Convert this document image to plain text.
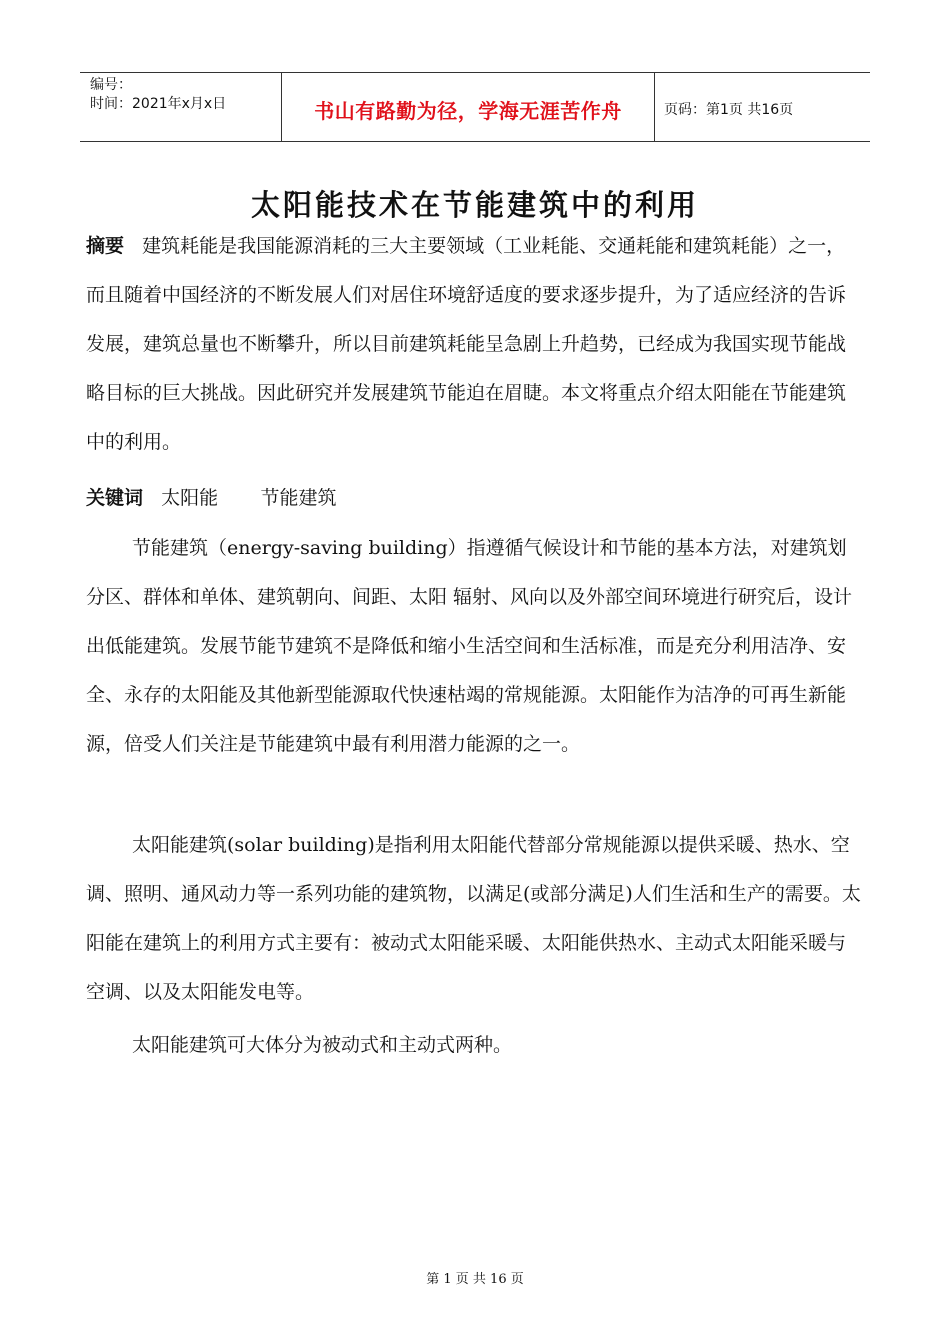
编号：
时间：2021年x月x日	书山有路勤为径，学海无涯苦作舟	页码：第1页 共16页
太阳能技术在节能建筑中的利用
摘要 建筑耗能是我国能源消耗的三大主要领域（工业耗能、交通耗能和建筑耗能）之一，而且随着中国经济的不断发展人们对居住环境舒适度的要求逐步提升，为了适应经济的告诉发展，建筑总量也不断攀升，所以目前建筑耗能呈急剧上升趋势，已经成为我国实现节能战略目标的巨大挑战。因此研究并发展建筑节能迫在眉睫。本文将重点介绍太阳能在节能建筑中的利用。
关键词 太阳能 节能建筑
节能建筑（energy-saving building）指遵循气候设计和节能的基本方法，对建筑划分区、群体和单体、建筑朝向、间距、太阳 辐射、风向以及外部空间环境进行研究后，设计出低能建筑。发展节能节建筑不是降低和缩小生活空间和生活标准，而是充分利用洁净、安全、永存的太阳能及其他新型能源取代快速枯竭的常规能源。太阳能作为洁净的可再生新能源，倍受人们关注是节能建筑中最有利用潜力能源的之一。
太阳能建筑(solar building)是指利用太阳能代替部分常规能源以提供采暖、热水、空调、照明、通风动力等一系列功能的建筑物，以满足(或部分满足)人们生活和生产的需要。太阳能在建筑上的利用方式主要有：被动式太阳能采暖、太阳能供热水、主动式太阳能采暖与空调、以及太阳能发电等。
太阳能建筑可大体分为被动式和主动式两种。
第 1 页 共 16 页
